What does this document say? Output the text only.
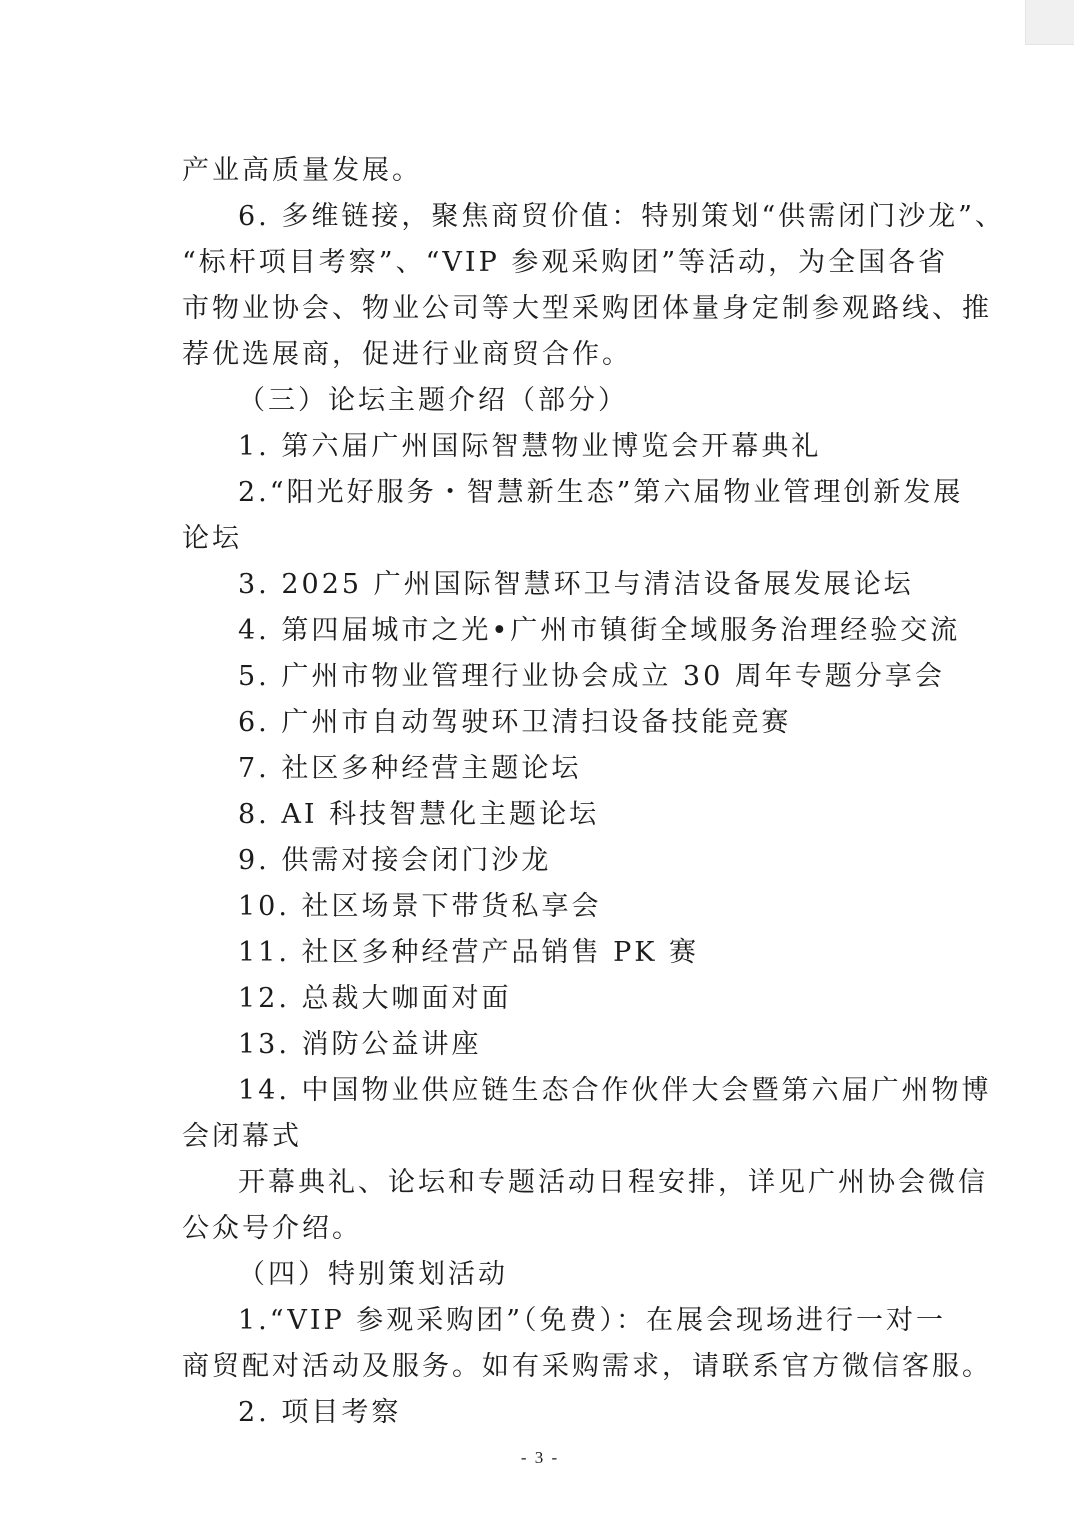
产业高质量发展。
6. 多维链接，聚焦商贸价值：特别策划“供需闭门沙龙”、
“标杆项目考察”、“VIP 参观采购团”等活动，为全国各省
市物业协会、物业公司等大型采购团体量身定制参观路线、推
荐优选展商，促进行业商贸合作。
（三）论坛主题介绍（部分）
1. 第六届广州国际智慧物业博览会开幕典礼
2.“阳光好服务・智慧新生态”第六届物业管理创新发展
论坛
3. 2025 广州国际智慧环卫与清洁设备展发展论坛
4. 第四届城市之光•广州市镇街全域服务治理经验交流
5. 广州市物业管理行业协会成立 30 周年专题分享会
6. 广州市自动驾驶环卫清扫设备技能竞赛
7. 社区多种经营主题论坛
8. AI 科技智慧化主题论坛
9. 供需对接会闭门沙龙
10. 社区场景下带货私享会
11. 社区多种经营产品销售 PK 赛
12. 总裁大咖面对面
13. 消防公益讲座
14. 中国物业供应链生态合作伙伴大会暨第六届广州物博
会闭幕式
开幕典礼、论坛和专题活动日程安排，详见广州协会微信
公众号介绍。
（四）特别策划活动
1.“VIP 参观采购团”（免费）：在展会现场进行一对一
商贸配对活动及服务。如有采购需求，请联系官方微信客服。
2. 项目考察
- 3 -
